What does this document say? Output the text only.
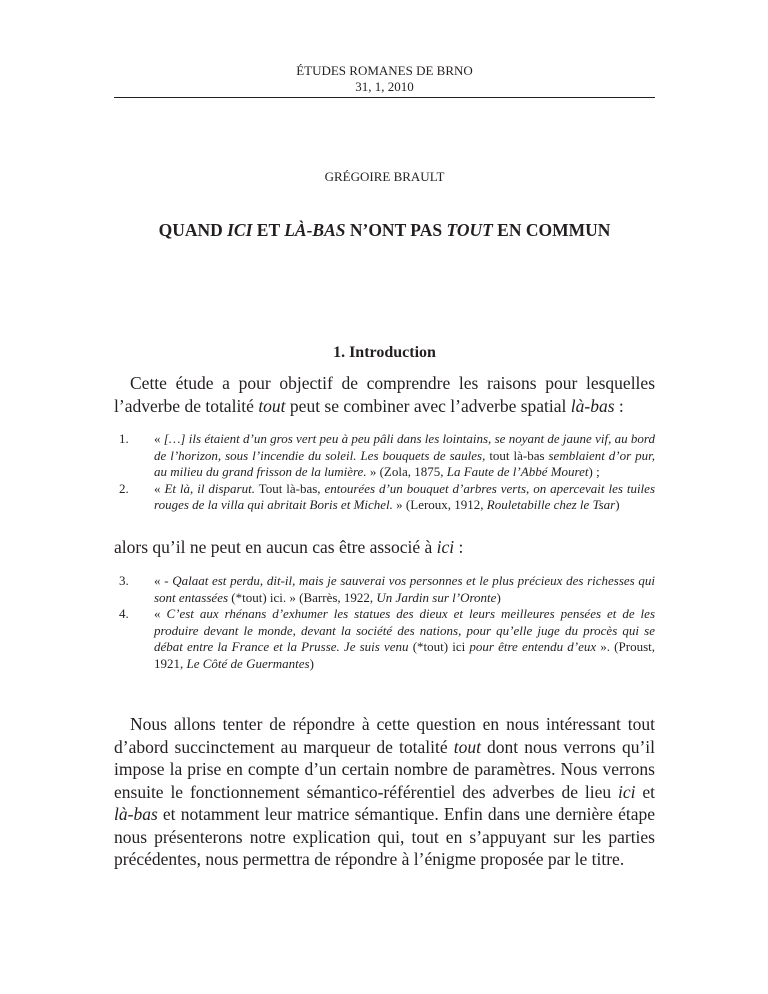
ÉTUDES ROMANES DE BRNO
31, 1, 2010
GRÉGOIRE BRAULT
QUAND ICI ET LÀ-BAS N’ONT PAS TOUT EN COMMUN
1. Introduction

Cette étude a pour objectif de comprendre les raisons pour lesquelles l’adverbe de totalité tout peut se combiner avec l’adverbe spatial là-bas :

1.	« […] ils étaient d’un gros vert peu à peu pâli dans les lointains, se noyant de jaune vif, au bord de l’horizon, sous l’incendie du soleil. Les bouquets de saules, tout là-bas semblaient d’or pur, au milieu du grand frisson de la lumière. » (Zola, 1875, La Faute de l’Abbé Mouret) ;
2.	« Et là, il disparut. Tout là-bas, entourées d’un bouquet d’arbres verts, on apercevait les tuiles rouges de la villa qui abritait Boris et Michel. » (Leroux, 1912, Rouletabille chez le Tsar)

alors qu’il ne peut en aucun cas être associé à ici :

3.	« - Qalaat est perdu, dit-il, mais je sauverai vos personnes et le plus précieux des richesses qui sont entassées (*tout) ici. » (Barrès, 1922, Un Jardin sur l’Oronte)
4.	« C’est aux rhénans d’exhumer les statues des dieux et leurs meilleures pensées et de les produire devant le monde, devant la société des nations, pour qu’elle juge du procès qui se débat entre la France et la Prusse. Je suis venu (*tout) ici pour être entendu d’eux ». (Proust, 1921, Le Côté de Guermantes)

Nous allons tenter de répondre à cette question en nous intéressant tout d’abord succinctement au marqueur de totalité tout dont nous verrons qu’il impose la prise en compte d’un certain nombre de paramètres. Nous verrons ensuite le fonctionnement sémantico-référentiel des adverbes de lieu ici et là-bas et notamment leur matrice sémantique. Enfin dans une dernière étape nous présenterons notre explication qui, tout en s’appuyant sur les parties précédentes, nous permettra de répondre à l’énigme proposée par le titre.
